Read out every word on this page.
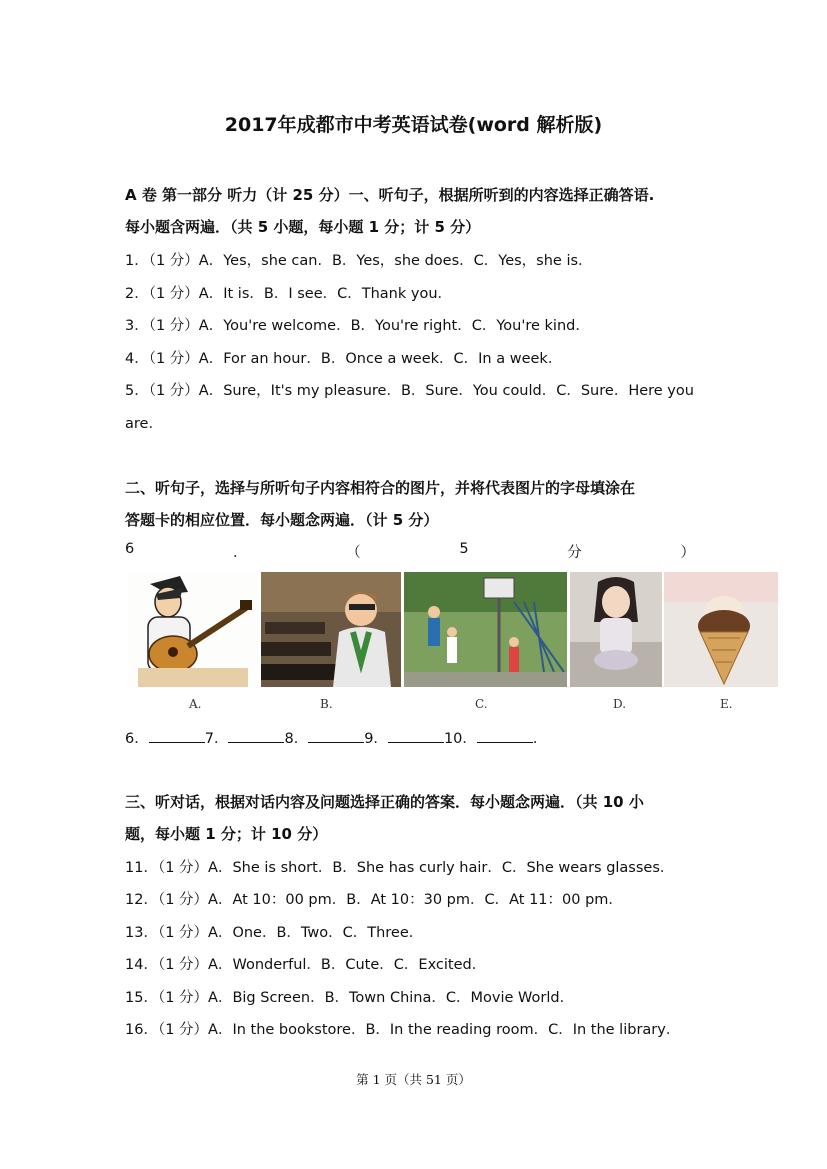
2017年成都市中考英语试卷(word 解析版)
A 卷 第一部分 听力（计 25 分）一、听句子，根据所听到的内容选择正确答语.
每小题含两遍．（共 5 小题，每小题 1 分；计 5 分）
1．（1 分）A．Yes，she can．B．Yes，she does．C．Yes，she is．
2．（1 分）A．It is．B．I see．C．Thank you．
3．（1 分）A．You're welcome．B．You're right．C．You're kind．
4．（1 分）A．For an hour．B．Once a week．C．In a week．
5．（1 分）A．Sure，It's my pleasure．B．Sure．You could．C．Sure．Here you
are．
二、听句子，选择与所听句子内容相符合的图片，并将代表图片的字母填涂在
答题卡的相应位置．每小题念两遍．（计 5 分）
6	．	（	5	分	）
A.	B.	C.	D.	E.
6．	7．	8．	9．	10．	．
三、听对话，根据对话内容及问题选择正确的答案．每小题念两遍．（共 10 小
题，每小题 1 分；计 10 分）
11．（1 分）A．She is short．B．She has curly hair．C．She wears glasses．
12．（1 分）A．At 10：00 pm．B．At 10：30 pm．C．At 11：00 pm．
13．（1 分）A．One．B．Two．C．Three．
14．（1 分）A．Wonderful．B．Cute．C．Excited．
15．（1 分）A．Big Screen．B．Town China．C．Movie World．
16．（1 分）A．In the bookstore．B．In the reading room．C．In the library．
第 1 页（共 51 页）
